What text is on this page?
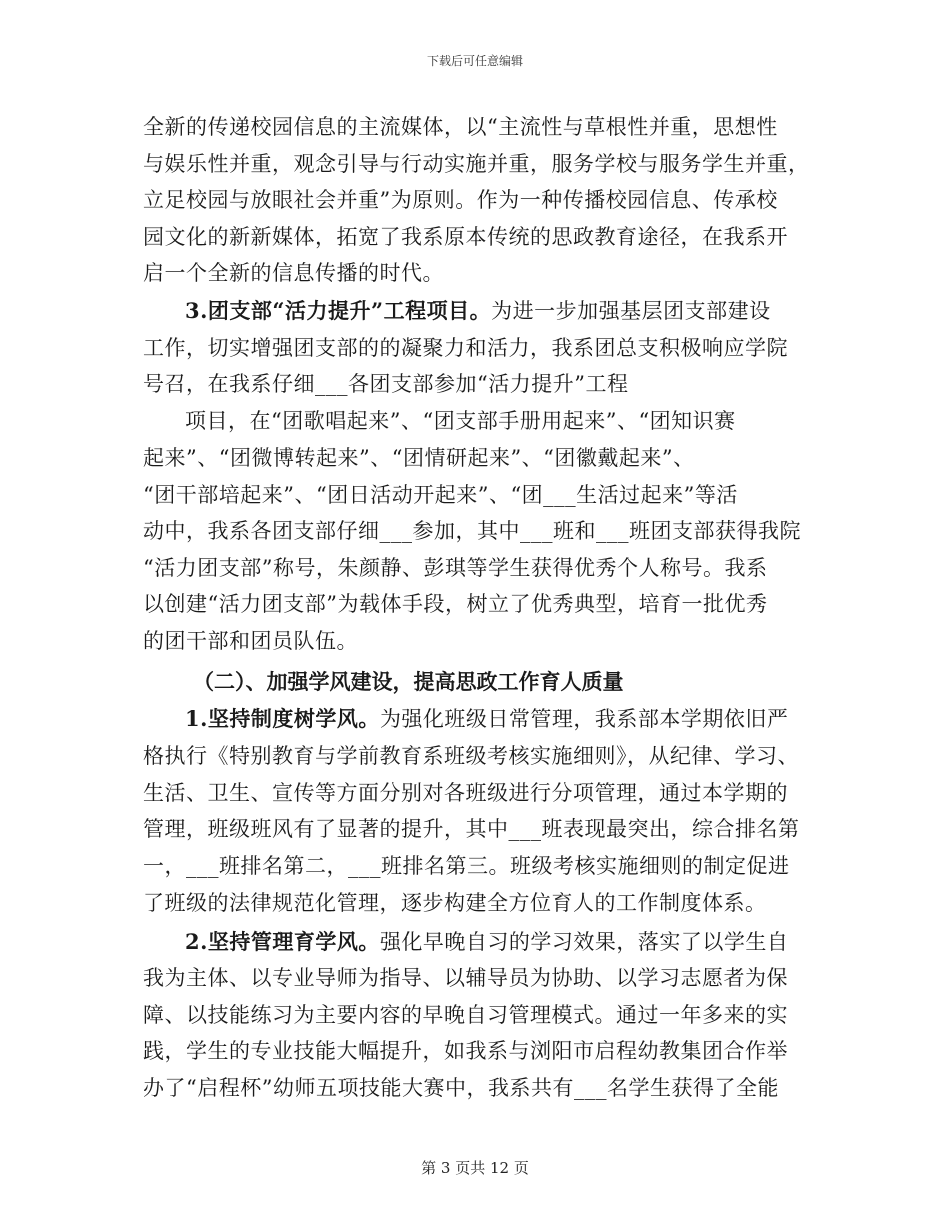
下载后可任意编辑
全新的传递校园信息的主流媒体，以“主流性与草根性并重，思想性
与娱乐性并重，观念引导与行动实施并重，服务学校与服务学生并重，
立足校园与放眼社会并重”为原则。作为一种传播校园信息、传承校
园文化的新新媒体，拓宽了我系原本传统的思政教育途径，在我系开
启一个全新的信息传播的时代。
3.团支部“活力提升”工程项目。为进一步加强基层团支部建设
工作，切实增强团支部的的凝聚力和活力，我系团总支积极响应学院
号召，在我系仔细___各团支部参加“活力提升”工程
项目，在“团歌唱起来”、“团支部手册用起来”、“团知识赛
起来”、“团微博转起来”、“团情研起来”、“团徽戴起来”、
“团干部培起来”、“团日活动开起来”、“团___生活过起来”等活
动中，我系各团支部仔细___参加，其中___班和___班团支部获得我院
“活力团支部”称号，朱颜静、彭琪等学生获得优秀个人称号。我系
以创建“活力团支部”为载体手段，树立了优秀典型，培育一批优秀
的团干部和团员队伍。
（二）、加强学风建设，提高思政工作育人质量
1.坚持制度树学风。为强化班级日常管理，我系部本学期依旧严
格执行《特别教育与学前教育系班级考核实施细则》，从纪律、学习、
生活、卫生、宣传等方面分别对各班级进行分项管理，通过本学期的
管理，班级班风有了显著的提升，其中___班表现最突出，综合排名第
一，___班排名第二，___班排名第三。班级考核实施细则的制定促进
了班级的法律规范化管理，逐步构建全方位育人的工作制度体系。
2.坚持管理育学风。强化早晚自习的学习效果，落实了以学生自
我为主体、以专业导师为指导、以辅导员为协助、以学习志愿者为保
障、以技能练习为主要内容的早晚自习管理模式。通过一年多来的实
践，学生的专业技能大幅提升，如我系与浏阳市启程幼教集团合作举
办了“启程杯”幼师五项技能大赛中，我系共有___名学生获得了全能
第 3 页共 12 页
